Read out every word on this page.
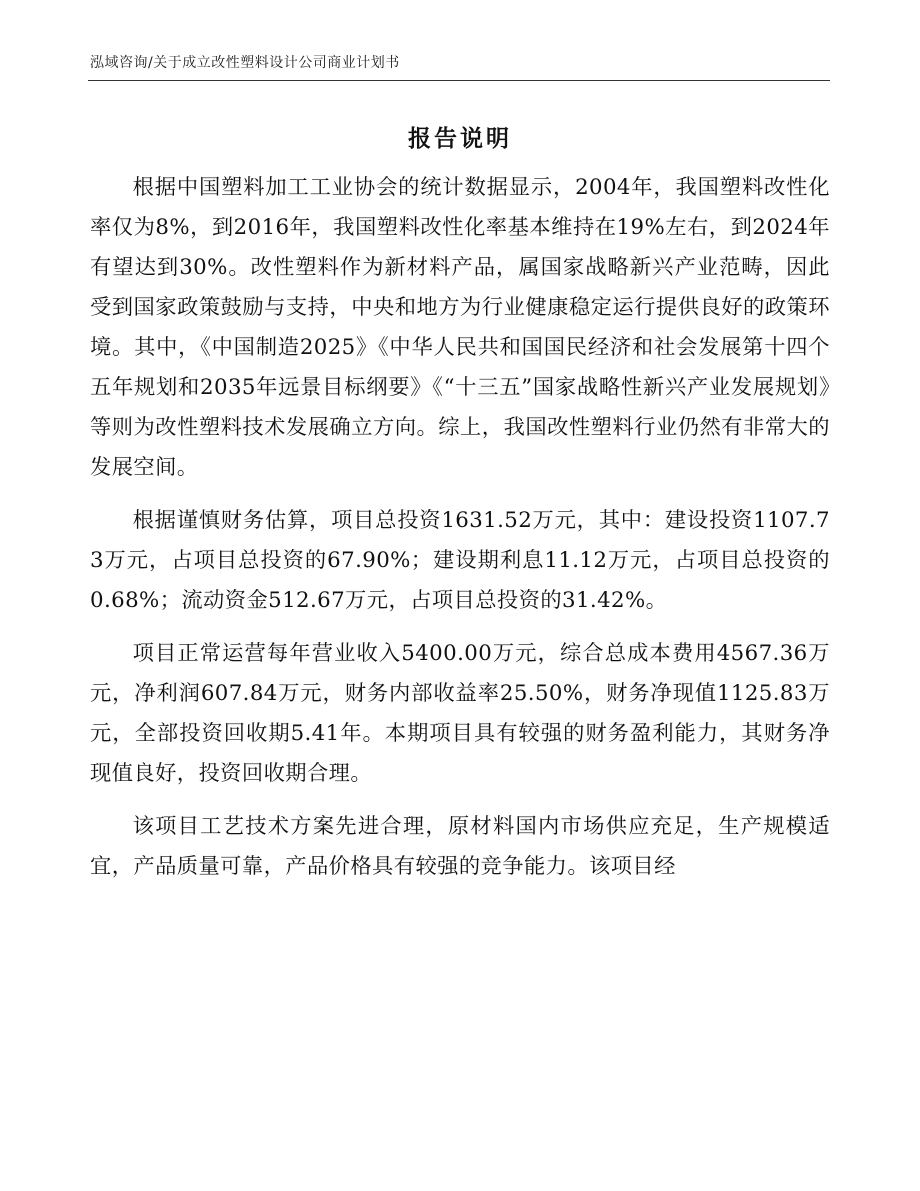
泓域咨询/关于成立改性塑料设计公司商业计划书
报告说明

根据中国塑料加工工业协会的统计数据显示，2004年，我国塑料改性化率仅为8%，到2016年，我国塑料改性化率基本维持在19%左右，到2024年有望达到30%。改性塑料作为新材料产品，属国家战略新兴产业范畴，因此受到国家政策鼓励与支持，中央和地方为行业健康稳定运行提供良好的政策环境。其中，《中国制造2025》《中华人民共和国国民经济和社会发展第十四个五年规划和2035年远景目标纲要》《“十三五”国家战略性新兴产业发展规划》等则为改性塑料技术发展确立方向。综上，我国改性塑料行业仍然有非常大的发展空间。

根据谨慎财务估算，项目总投资1631.52万元，其中：建设投资1107.73万元，占项目总投资的67.90%；建设期利息11.12万元，占项目总投资的0.68%；流动资金512.67万元，占项目总投资的31.42%。

项目正常运营每年营业收入5400.00万元，综合总成本费用4567.36万元，净利润607.84万元，财务内部收益率25.50%，财务净现值1125.83万元，全部投资回收期5.41年。本期项目具有较强的财务盈利能力，其财务净现值良好，投资回收期合理。

该项目工艺技术方案先进合理，原材料国内市场供应充足，生产规模适宜，产品质量可靠，产品价格具有较强的竞争能力。该项目经
